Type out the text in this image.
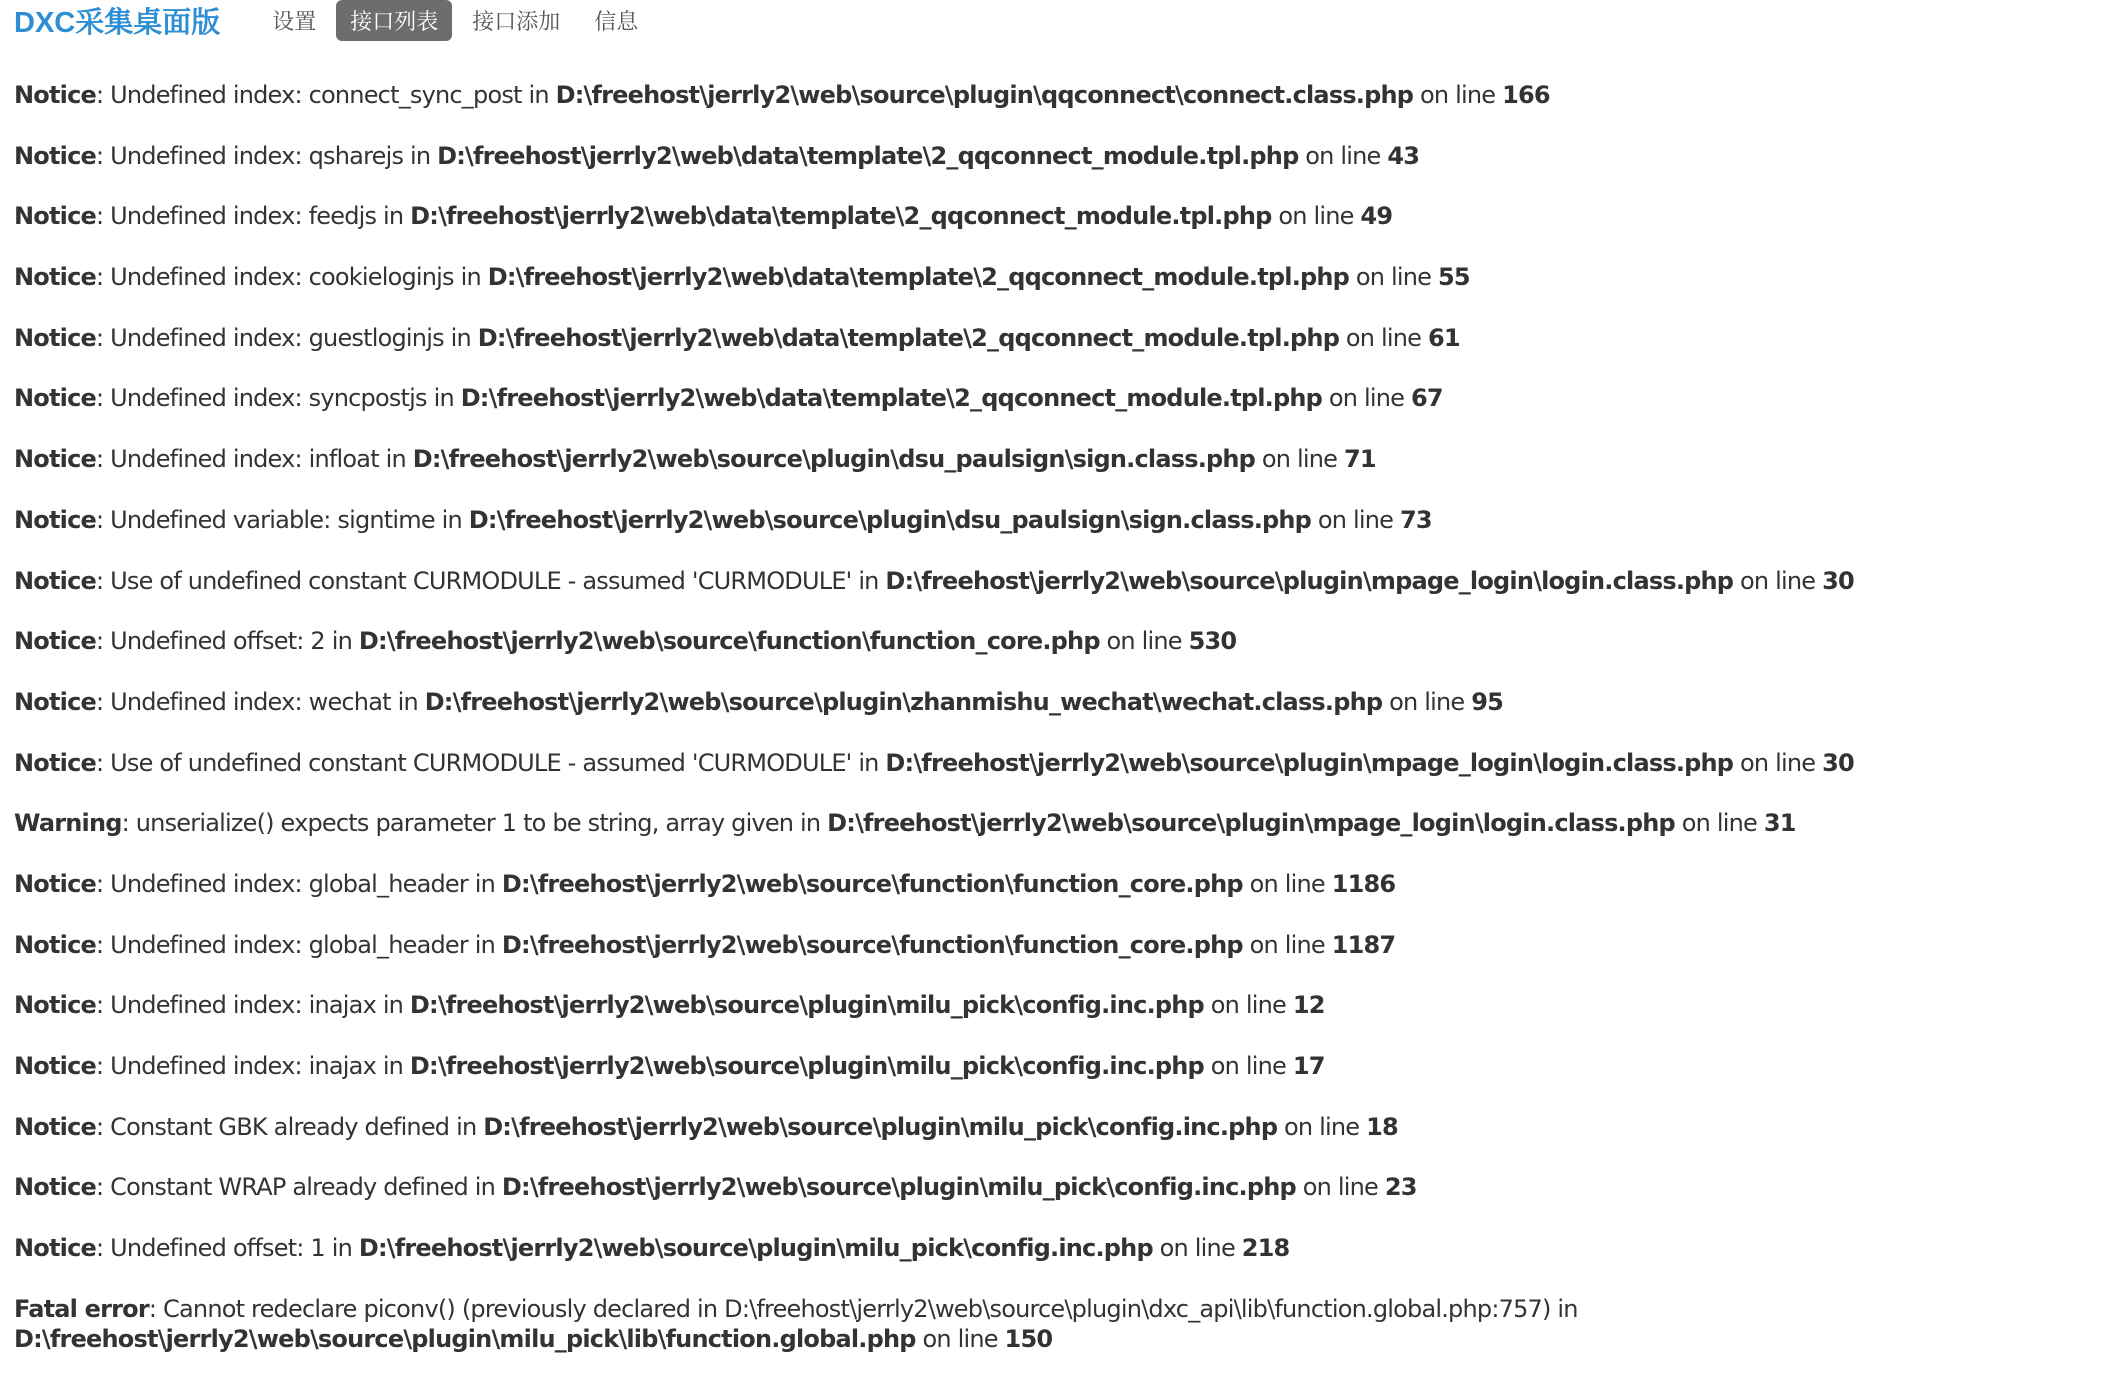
DXC采集桌面版	设置	接口列表	接口添加	信息
Notice: Undefined index: connect_sync_post in D:\freehost\jerrly2\web\source\plugin\qqconnect\connect.class.php on line 166
Notice: Undefined index: qsharejs in D:\freehost\jerrly2\web\data\template\2_qqconnect_module.tpl.php on line 43
Notice: Undefined index: feedjs in D:\freehost\jerrly2\web\data\template\2_qqconnect_module.tpl.php on line 49
Notice: Undefined index: cookieloginjs in D:\freehost\jerrly2\web\data\template\2_qqconnect_module.tpl.php on line 55
Notice: Undefined index: guestloginjs in D:\freehost\jerrly2\web\data\template\2_qqconnect_module.tpl.php on line 61
Notice: Undefined index: syncpostjs in D:\freehost\jerrly2\web\data\template\2_qqconnect_module.tpl.php on line 67
Notice: Undefined index: infloat in D:\freehost\jerrly2\web\source\plugin\dsu_paulsign\sign.class.php on line 71
Notice: Undefined variable: signtime in D:\freehost\jerrly2\web\source\plugin\dsu_paulsign\sign.class.php on line 73
Notice: Use of undefined constant CURMODULE - assumed 'CURMODULE' in D:\freehost\jerrly2\web\source\plugin\mpage_login\login.class.php on line 30
Notice: Undefined offset: 2 in D:\freehost\jerrly2\web\source\function\function_core.php on line 530
Notice: Undefined index: wechat in D:\freehost\jerrly2\web\source\plugin\zhanmishu_wechat\wechat.class.php on line 95
Notice: Use of undefined constant CURMODULE - assumed 'CURMODULE' in D:\freehost\jerrly2\web\source\plugin\mpage_login\login.class.php on line 30
Warning: unserialize() expects parameter 1 to be string, array given in D:\freehost\jerrly2\web\source\plugin\mpage_login\login.class.php on line 31
Notice: Undefined index: global_header in D:\freehost\jerrly2\web\source\function\function_core.php on line 1186
Notice: Undefined index: global_header in D:\freehost\jerrly2\web\source\function\function_core.php on line 1187
Notice: Undefined index: inajax in D:\freehost\jerrly2\web\source\plugin\milu_pick\config.inc.php on line 12
Notice: Undefined index: inajax in D:\freehost\jerrly2\web\source\plugin\milu_pick\config.inc.php on line 17
Notice: Constant GBK already defined in D:\freehost\jerrly2\web\source\plugin\milu_pick\config.inc.php on line 18
Notice: Constant WRAP already defined in D:\freehost\jerrly2\web\source\plugin\milu_pick\config.inc.php on line 23
Notice: Undefined offset: 1 in D:\freehost\jerrly2\web\source\plugin\milu_pick\config.inc.php on line 218
Fatal error: Cannot redeclare piconv() (previously declared in D:\freehost\jerrly2\web\source\plugin\dxc_api\lib\function.global.php:757) in
D:\freehost\jerrly2\web\source\plugin\milu_pick\lib\function.global.php on line 150
